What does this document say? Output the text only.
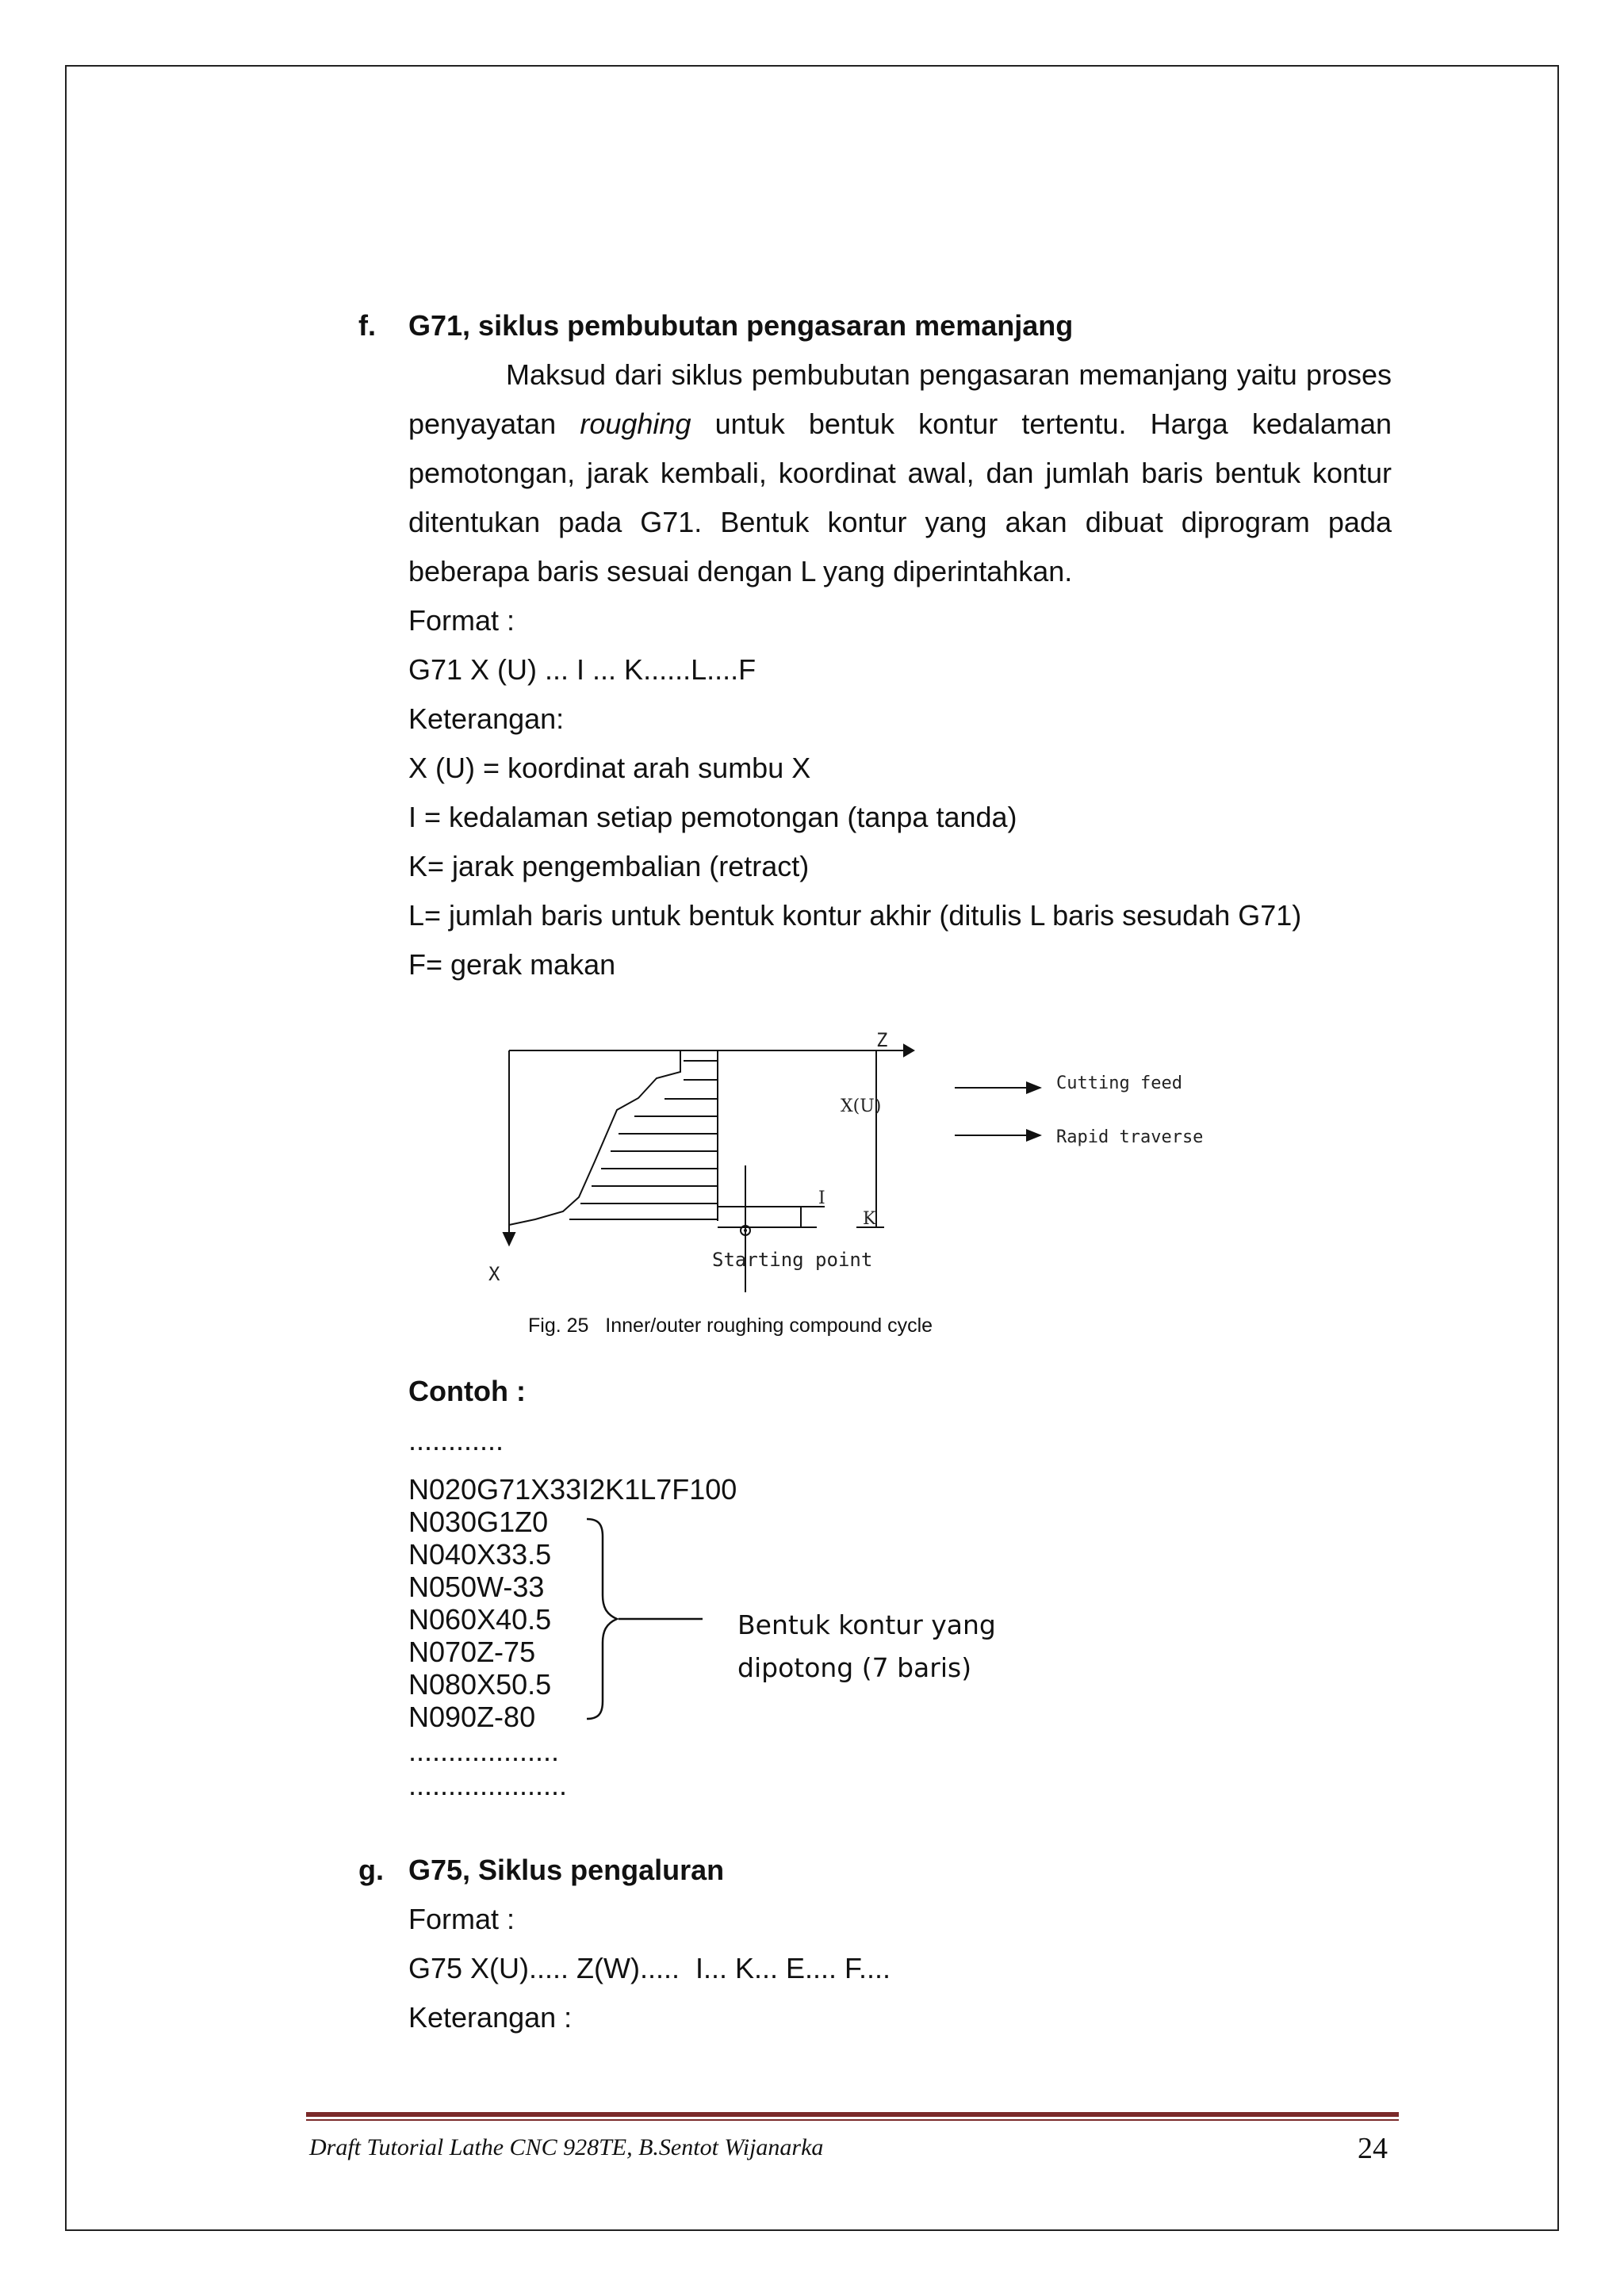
f. G71, siklus pembubutan pengasaran memanjang
Maksud dari siklus pembubutan pengasaran memanjang yaitu proses
penyayatan roughing untuk bentuk kontur tertentu. Harga kedalaman
pemotongan, jarak kembali, koordinat awal, dan jumlah baris bentuk kontur
ditentukan pada G71. Bentuk kontur yang akan dibuat diprogram pada
beberapa baris sesuai dengan L yang diperintahkan.
Format :
G71 X (U) ... I ... K......L....F
Keterangan:
X (U) = koordinat arah sumbu X
I = kedalaman setiap pemotongan (tanpa tanda)
K= jarak pengembalian (retract)
L= jumlah baris untuk bentuk kontur akhir (ditulis L baris sesudah G71)
F= gerak makan
Z
X
X(U)
I
K
Starting point
Cutting feed
Rapid traverse
Fig. 25 Inner/outer roughing compound cycle
Contoh :
............
N020G71X33I2K1L7F100
N030G1Z0
N040X33.5
N050W-33
N060X40.5
N070Z-75
N080X50.5
N090Z-80
...................
....................
Bentuk kontur yang
dipotong (7 baris)
g. G75, Siklus pengaluran
Format :
G75 X(U)..... Z(W).....  I... K... E.... F....
Keterangan :
Draft Tutorial Lathe CNC 928TE, B.Sentot Wijanarka	24
